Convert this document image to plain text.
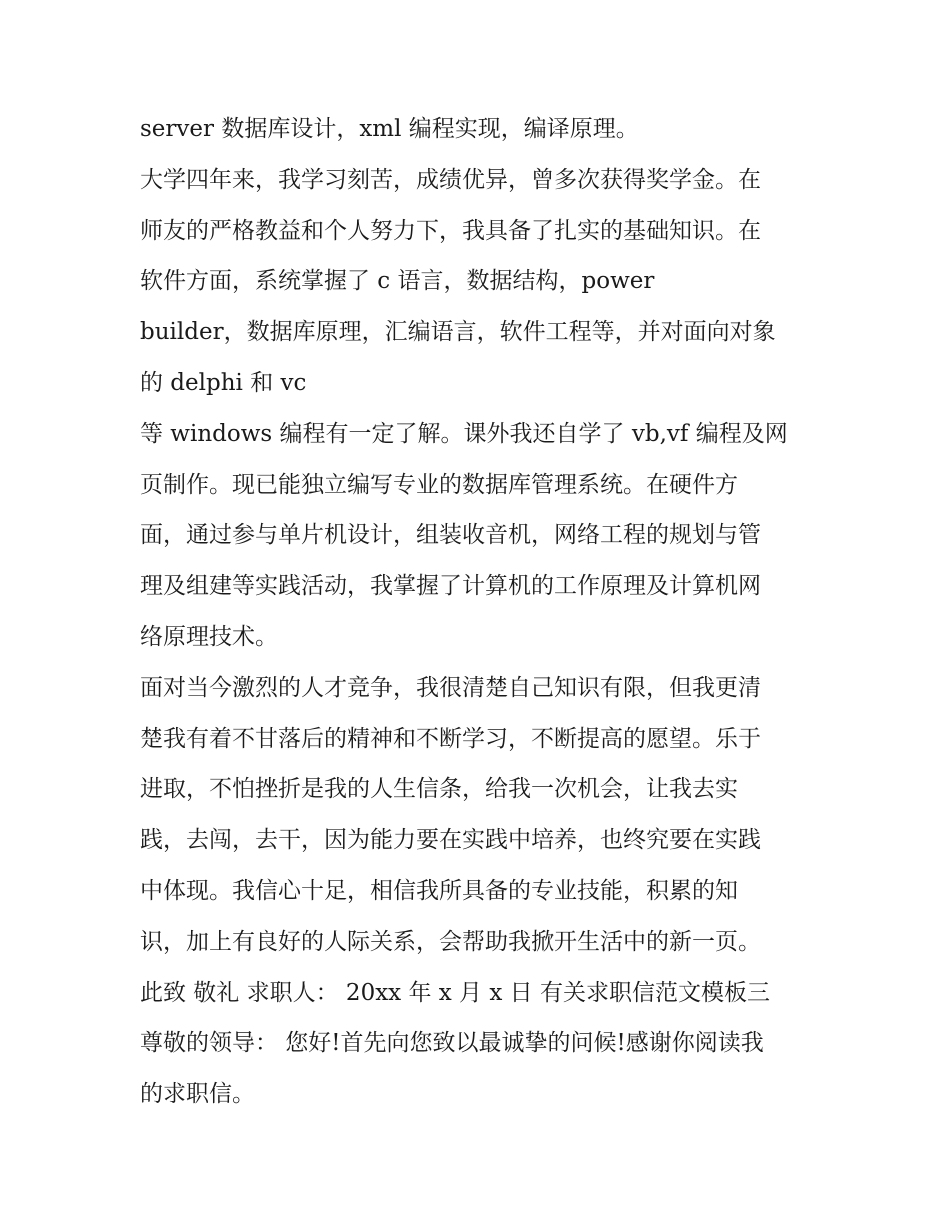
server 数据库设计，xml 编程实现，编译原理。
大学四年来，我学习刻苦，成绩优异，曾多次获得奖学金。在
师友的严格教益和个人努力下，我具备了扎实的基础知识。在
软件方面，系统掌握了 c 语言，数据结构，power
builder，数据库原理，汇编语言，软件工程等，并对面向对象
的 delphi 和 vc
等 windows 编程有一定了解。课外我还自学了 vb,vf 编程及网
页制作。现已能独立编写专业的数据库管理系统。在硬件方
面，通过参与单片机设计，组装收音机，网络工程的规划与管
理及组建等实践活动，我掌握了计算机的工作原理及计算机网
络原理技术。
面对当今激烈的人才竞争，我很清楚自己知识有限，但我更清
楚我有着不甘落后的精神和不断学习，不断提高的愿望。乐于
进取，不怕挫折是我的人生信条，给我一次机会，让我去实
践，去闯，去干，因为能力要在实践中培养，也终究要在实践
中体现。我信心十足，相信我所具备的专业技能，积累的知
识，加上有良好的人际关系，会帮助我掀开生活中的新一页。
此致 敬礼 求职人： 20xx 年 x 月 x 日 有关求职信范文模板三
尊敬的领导： 您好!首先向您致以最诚挚的问候!感谢你阅读我
的求职信。
